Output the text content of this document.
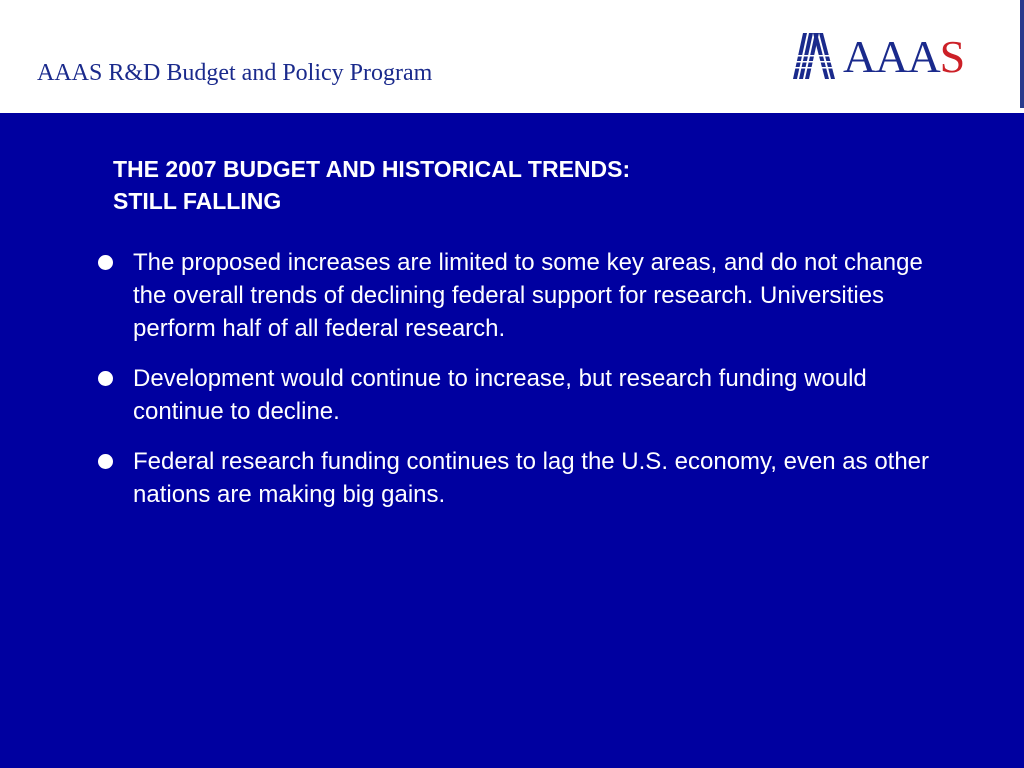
AAAS R&D Budget and Policy Program	AAAS
THE 2007 BUDGET AND HISTORICAL TRENDS:
STILL FALLING
The proposed increases are limited to some key areas, and do not change the overall trends of declining federal support for research. Universities perform half of all federal research.
Development would continue to increase, but research funding would continue to decline.
Federal research funding continues to lag the U.S. economy, even as other nations are making big gains.
